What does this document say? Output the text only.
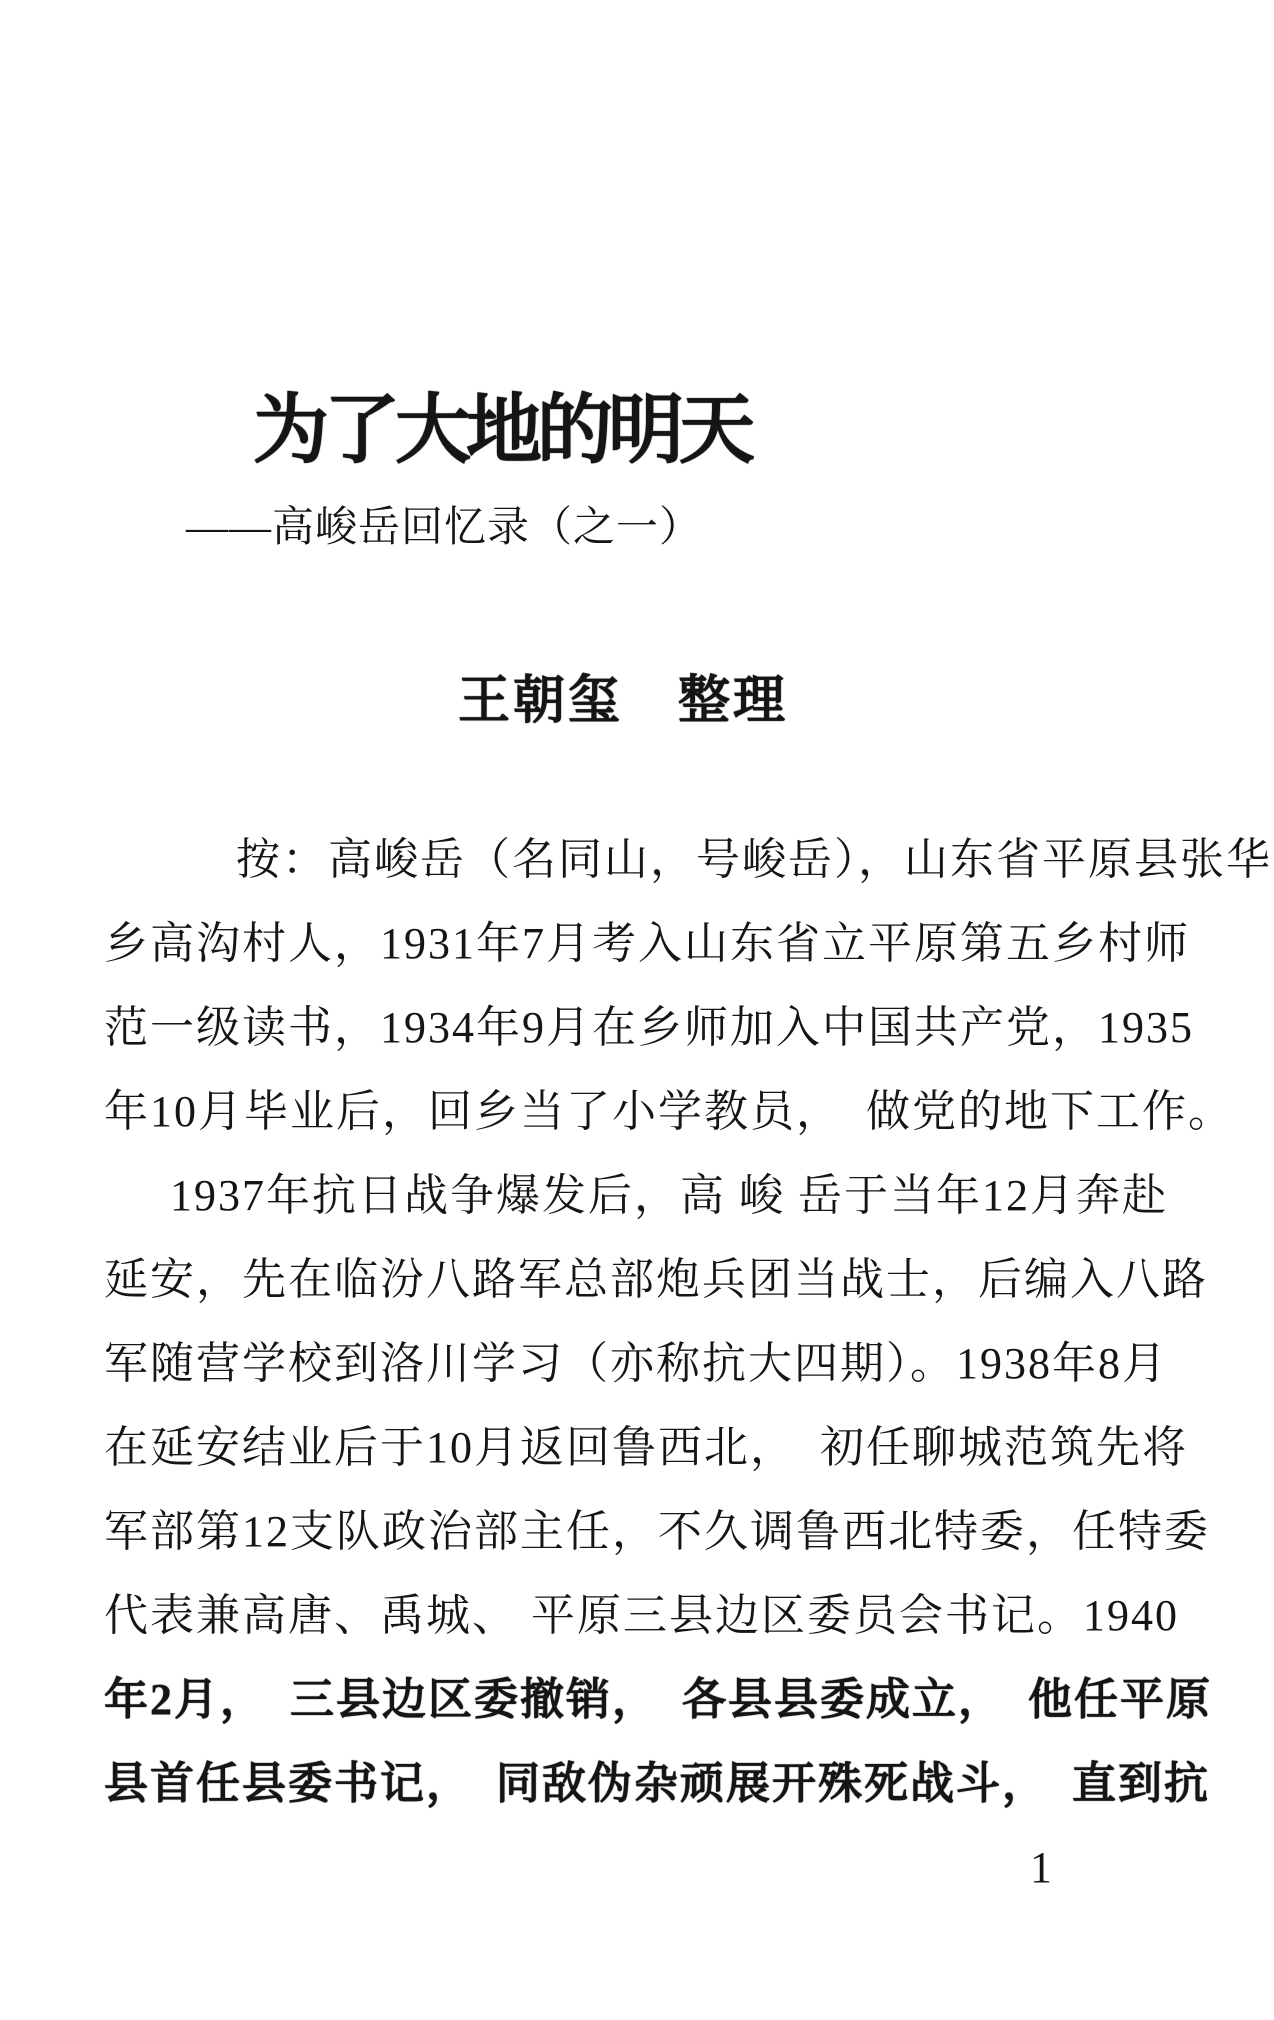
为了大地的明天
——高峻岳回忆录（之一）
王朝玺　整理
按：高峻岳（名同山，号峻岳），山东省平原县张华
乡高沟村人，1931年7月考入山东省立平原第五乡村师
范一级读书，1934年9月在乡师加入中国共产党，1935
年10月毕业后，回乡当了小学教员，　做党的地下工作。
1937年抗日战争爆发后，高 峻 岳于当年12月奔赴
延安，先在临汾八路军总部炮兵团当战士，后编入八路
军随营学校到洛川学习（亦称抗大四期）。1938年8月
在延安结业后于10月返回鲁西北，　初任聊城范筑先将
军部第12支队政治部主任，不久调鲁西北特委，任特委
代表兼高唐、禹城、 平原三县边区委员会书记。1940
年2月，　三县边区委撤销，　各县县委成立，　他任平原
县首任县委书记，　同敌伪杂顽展开殊死战斗，　直到抗
1
